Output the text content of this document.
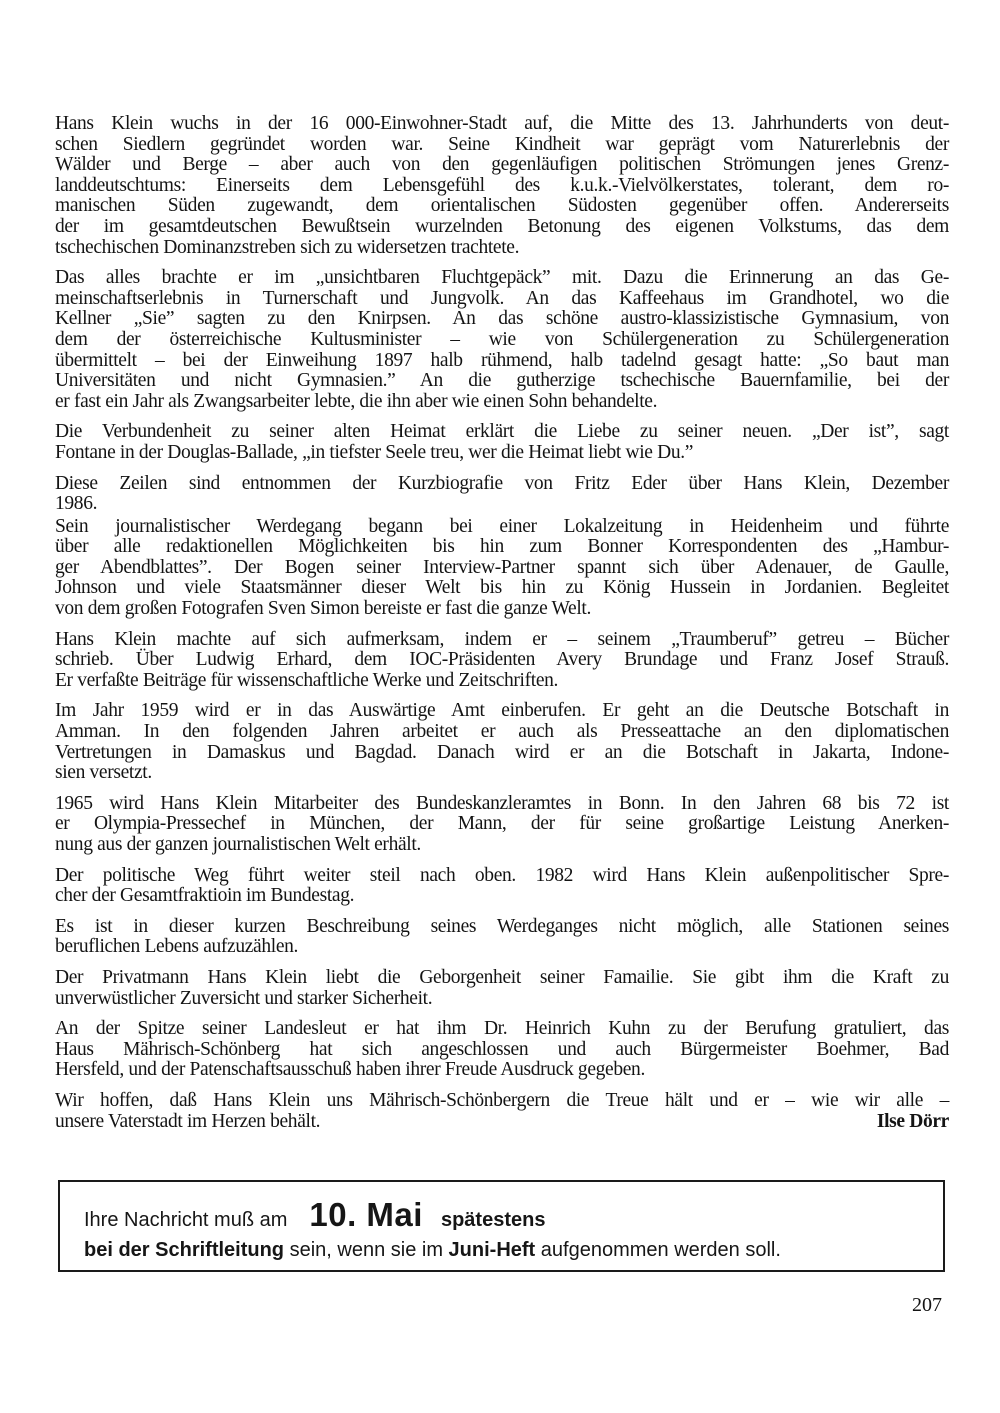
Hans Klein wuchs in der 16 000-Einwohner-Stadt auf, die Mitte des 13. Jahrhunderts von deut-
schen Siedlern gegründet worden war. Seine Kindheit war geprägt vom Naturerlebnis der
Wälder und Berge – aber auch von den gegenläufigen politischen Strömungen jenes Grenz-
landdeutschtums: Einerseits dem Lebensgefühl des k.u.k.-Vielvölkerstates, tolerant, dem ro-
manischen Süden zugewandt, dem orientalischen Südosten gegenüber offen. Andererseits
der im gesamtdeutschen Bewußtsein wurzelnden Betonung des eigenen Volkstums, das dem
tschechischen Dominanzstreben sich zu widersetzen trachtete.
Das alles brachte er im „unsichtbaren Fluchtgepäck” mit. Dazu die Erinnerung an das Ge-
meinschaftserlebnis in Turnerschaft und Jungvolk. An das Kaffeehaus im Grandhotel, wo die
Kellner „Sie” sagten zu den Knirpsen. An das schöne austro-klassizistische Gymnasium, von
dem der österreichische Kultusminister – wie von Schülergeneration zu Schülergeneration
übermittelt – bei der Einweihung 1897 halb rühmend, halb tadelnd gesagt hatte: „So baut man
Universitäten und nicht Gymnasien.” An die gutherzige tschechische Bauernfamilie, bei der
er fast ein Jahr als Zwangsarbeiter lebte, die ihn aber wie einen Sohn behandelte.
Die Verbundenheit zu seiner alten Heimat erklärt die Liebe zu seiner neuen. „Der ist”, sagt
Fontane in der Douglas-Ballade, „in tiefster Seele treu, wer die Heimat liebt wie Du.”
Diese Zeilen sind entnommen der Kurzbiografie von Fritz Eder über Hans Klein, Dezember
1986.
Sein journalistischer Werdegang begann bei einer Lokalzeitung in Heidenheim und führte
über alle redaktionellen Möglichkeiten bis hin zum Bonner Korrespondenten des „Hambur-
ger Abendblattes”. Der Bogen seiner Interview-Partner spannt sich über Adenauer, de Gaulle,
Johnson und viele Staatsmänner dieser Welt bis hin zu König Hussein in Jordanien. Begleitet
von dem großen Fotografen Sven Simon bereiste er fast die ganze Welt.
Hans Klein machte auf sich aufmerksam, indem er – seinem „Traumberuf” getreu – Bücher
schrieb. Über Ludwig Erhard, dem IOC-Präsidenten Avery Brundage und Franz Josef Strauß.
Er verfaßte Beiträge für wissenschaftliche Werke und Zeitschriften.
Im Jahr 1959 wird er in das Auswärtige Amt einberufen. Er geht an die Deutsche Botschaft in
Amman. In den folgenden Jahren arbeitet er auch als Presseattache an den diplomatischen
Vertretungen in Damaskus und Bagdad. Danach wird er an die Botschaft in Jakarta, Indone-
sien versetzt.
1965 wird Hans Klein Mitarbeiter des Bundeskanzleramtes in Bonn. In den Jahren 68 bis 72 ist
er Olympia-Pressechef in München, der Mann, der für seine großartige Leistung Anerken-
nung aus der ganzen journalistischen Welt erhält.
Der politische Weg führt weiter steil nach oben. 1982 wird Hans Klein außenpolitischer Spre-
cher der Gesamtfraktioin im Bundestag.
Es ist in dieser kurzen Beschreibung seines Werdeganges nicht möglich, alle Stationen seines
beruflichen Lebens aufzuzählen.
Der Privatmann Hans Klein liebt die Geborgenheit seiner Famailie. Sie gibt ihm die Kraft zu
unverwüstlicher Zuversicht und starker Sicherheit.
An der Spitze seiner Landesleut er hat ihm Dr. Heinrich Kuhn zu der Berufung gratuliert, das
Haus Mährisch-Schönberg hat sich angeschlossen und auch Bürgermeister Boehmer, Bad
Hersfeld, und der Patenschaftsausschuß haben ihrer Freude Ausdruck gegeben.
Wir hoffen, daß Hans Klein uns Mährisch-Schönbergern die Treue hält und er – wie wir alle –
unsere Vaterstadt im Herzen behält.	Ilse Dörr
Ihre Nachricht muß am 10. Mai spätestens
bei der Schriftleitung sein, wenn sie im Juni-Heft aufgenommen werden soll.
207
